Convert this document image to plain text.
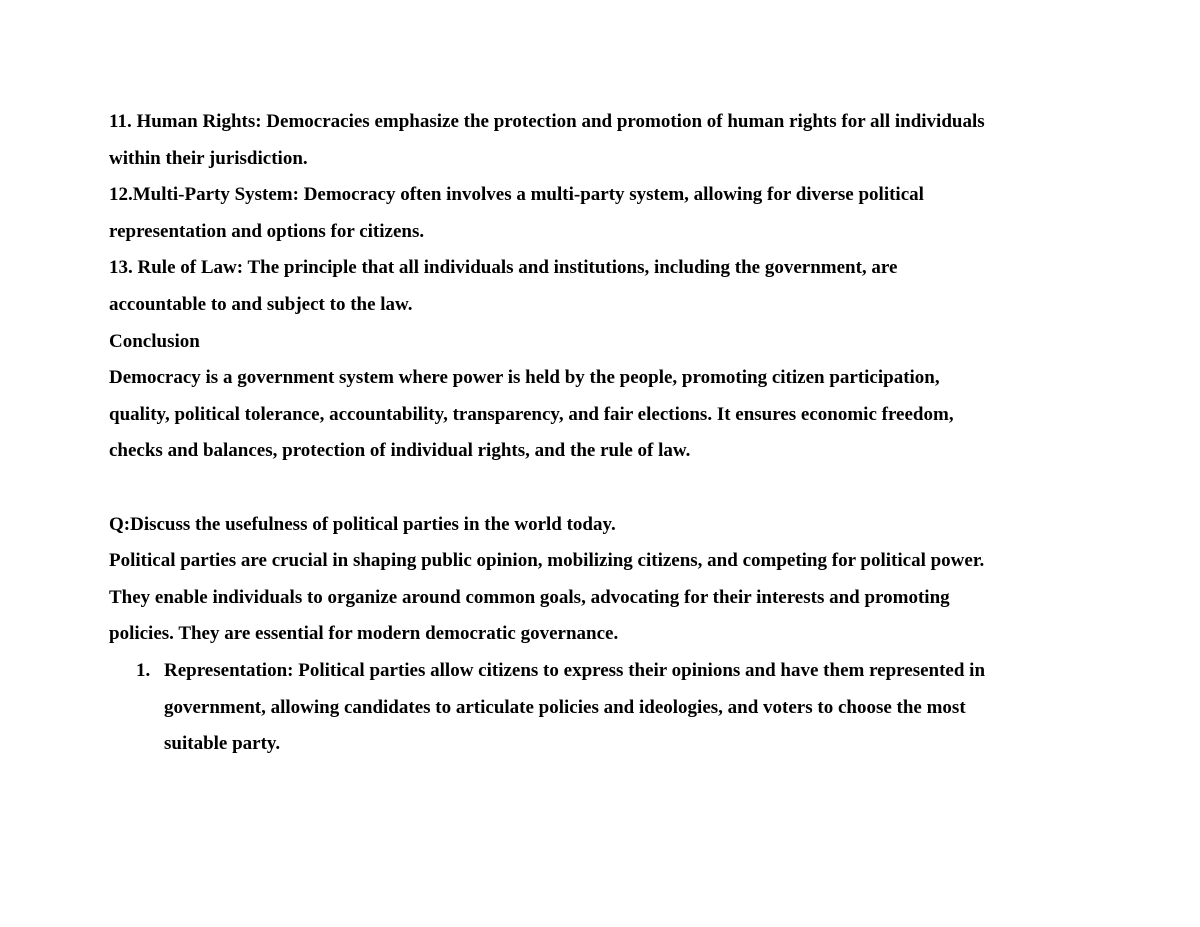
11. Human Rights: Democracies emphasize the protection and promotion of human rights for all individuals
within their jurisdiction.
12.Multi-Party System: Democracy often involves a multi-party system, allowing for diverse political
representation and options for citizens.
13. Rule of Law: The principle that all individuals and institutions, including the government, are
accountable to and subject to the law.
Conclusion
Democracy is a government system where power is held by the people, promoting citizen participation,
quality, political tolerance, accountability, transparency, and fair elections. It ensures economic freedom,
checks and balances, protection of individual rights, and the rule of law.
Q:Discuss the usefulness of political parties in the world today.
Political parties are crucial in shaping public opinion, mobilizing citizens, and competing for political power.
They enable individuals to organize around common goals, advocating for their interests and promoting
policies. They are essential for modern democratic governance.
1. Representation: Political parties allow citizens to express their opinions and have them represented in
government, allowing candidates to articulate policies and ideologies, and voters to choose the most
suitable party.
